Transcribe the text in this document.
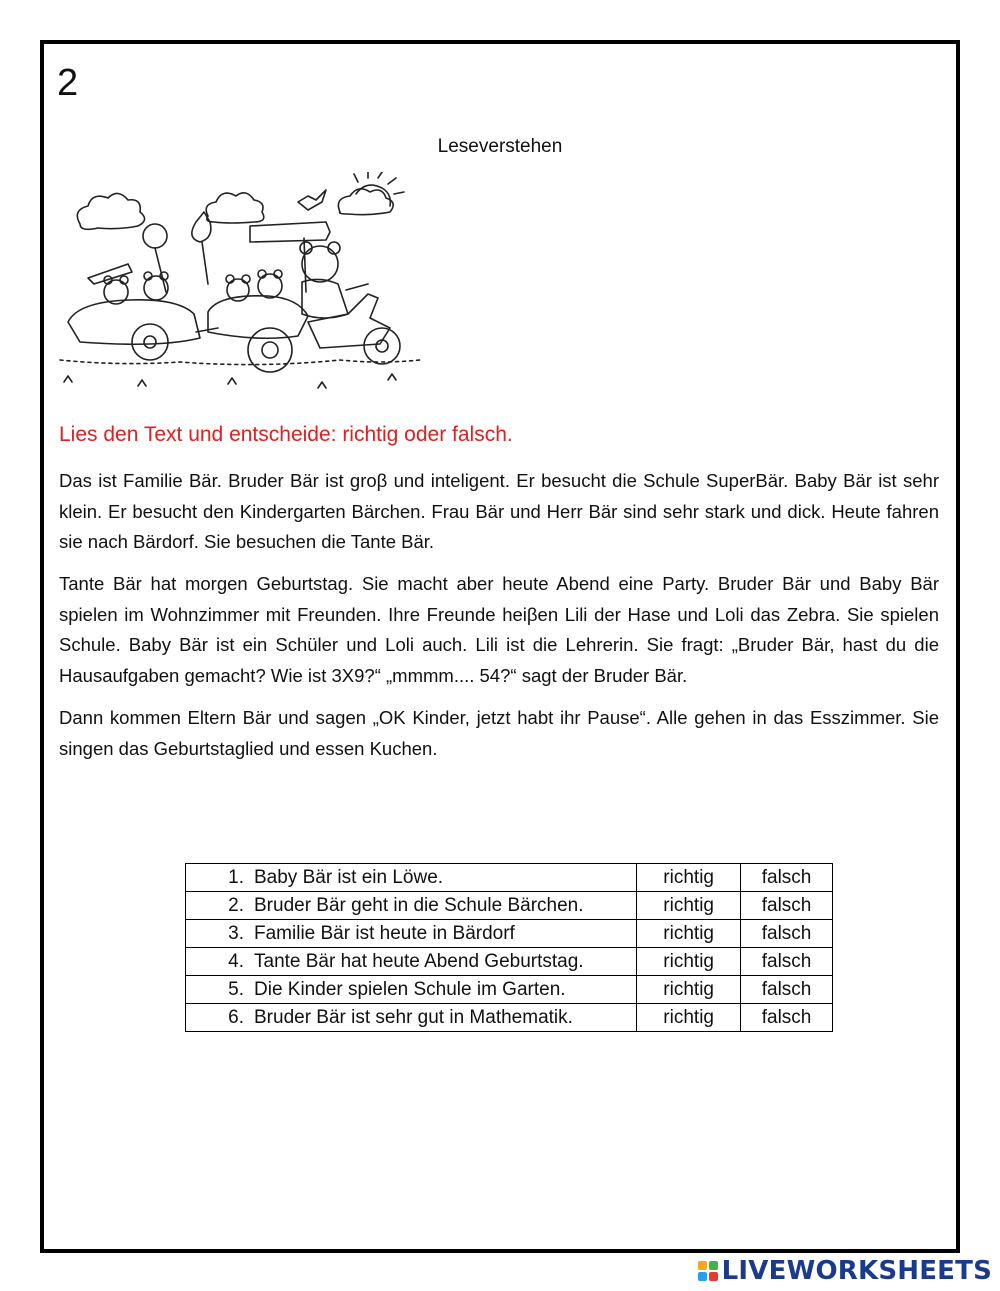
2
Leseverstehen
Lies den Text und entscheide: richtig oder falsch.

Das ist Familie Bär. Bruder Bär ist groβ und inteligent. Er besucht die Schule SuperBär. Baby Bär ist sehr klein. Er besucht den Kindergarten Bärchen. Frau Bär und Herr Bär sind sehr stark und dick. Heute fahren sie nach Bärdorf. Sie besuchen die Tante Bär.

Tante Bär hat morgen Geburtstag. Sie macht aber heute Abend eine Party. Bruder Bär und Baby Bär spielen im Wohnzimmer mit Freunden. Ihre Freunde heiβen Lili der Hase und Loli das Zebra. Sie spielen Schule. Baby Bär ist ein Schüler und Loli auch. Lili ist die Lehrerin. Sie fragt: „Bruder Bär, hast du die Hausaufgaben gemacht? Wie ist 3X9?“ „mmmm.... 54?“ sagt der Bruder Bär.

Dann kommen Eltern Bär und sagen „OK Kinder, jetzt habt ihr Pause“. Alle gehen in das Esszimmer. Sie singen das Geburtstaglied und essen Kuchen.

1. Baby Bär ist ein Löwe.	richtig	falsch
2. Bruder Bär geht in die Schule Bärchen.	richtig	falsch
3. Familie Bär ist heute in Bärdorf	richtig	falsch
4. Tante Bär hat heute Abend Geburtstag.	richtig	falsch
5. Die Kinder spielen Schule im Garten.	richtig	falsch
6. Bruder Bär ist sehr gut in Mathematik.	richtig	falsch
LIVEWORKSHEETS
